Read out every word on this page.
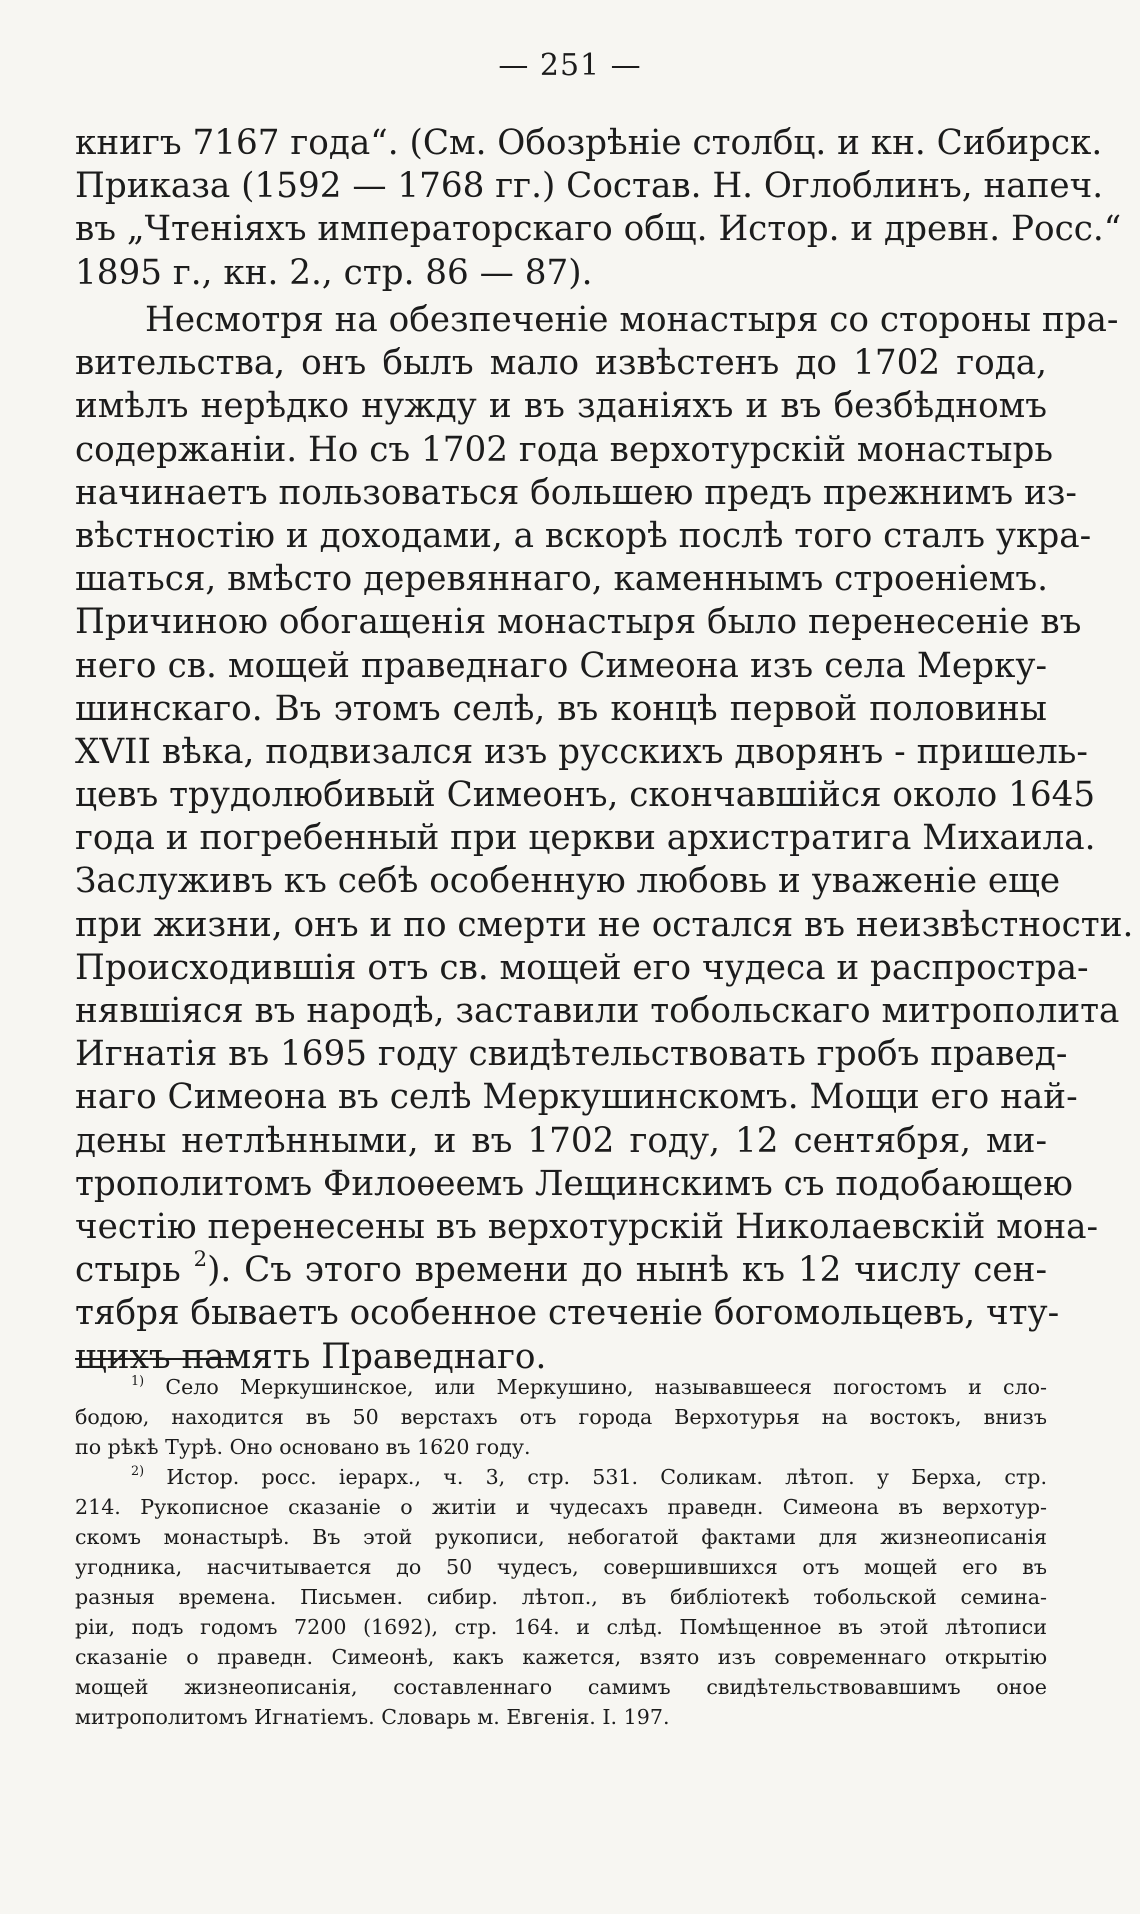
— 251 —
книгъ 7167 года“. (См. Обозрѣніе столбц. и кн. Сибирск.
Приказа (1592 — 1768 гг.) Состав. Н. Оглоблинъ, напеч.
въ „Чтеніяхъ императорскаго общ. Истор. и древн. Росс.“
1895 г., кн. 2., стр. 86 — 87).
Несмотря на обезпеченіе монастыря со стороны пра-
вительства, онъ былъ мало извѣстенъ до 1702 года,
имѣлъ нерѣдко нужду и въ зданіяхъ и въ безбѣдномъ
содержаніи. Но съ 1702 года верхотурскій монастырь
начинаетъ пользоваться большею предъ прежнимъ из-
вѣстностію и доходами, а вскорѣ послѣ того сталъ укра-
шаться, вмѣсто деревяннаго, каменнымъ строеніемъ.
Причиною обогащенія монастыря было перенесеніе въ
него св. мощей праведнаго Симеона изъ села Мерку-
шинскаго. Въ этомъ селѣ, въ концѣ первой половины
XVII вѣка, подвизался изъ русскихъ дворянъ - пришель-
цевъ трудолюбивый Симеонъ, скончавшійся около 1645
года и погребенный при церкви архистратига Михаила.
Заслуживъ къ себѣ особенную любовь и уваженіе еще
при жизни, онъ и по смерти не остался въ неизвѣстности.
Происходившія отъ св. мощей его чудеса и распростра-
нявшіяся въ народѣ, заставили тобольскаго митрополита
Игнатія въ 1695 году свидѣтельствовать гробъ правед-
наго Симеона въ селѣ Меркушинскомъ. Мощи его най-
дены нетлѣнными, и въ 1702 году, 12 сентября, ми-
трополитомъ Филоѳеемъ Лещинскимъ съ подобающею
честію перенесены въ верхотурскій Николаевскій мона-
стырь $^2$). Съ этого времени до нынѣ къ 12 числу сен-
тября бываетъ особенное стеченіе богомольцевъ, чту-
щихъ память Праведнаго.
$^{1)}$ Село Меркушинское, или Меркушино, называвшееся погостомъ и сло-
бодою, находится въ 50 верстахъ отъ города Верхотурья на востокъ, внизъ
по рѣкѣ Турѣ. Оно основано въ 1620 году.
$^{2)}$ Истор. росс. іерарх., ч. 3, стр. 531. Соликам. лѣтоп. у Берха, стр.
214. Рукописное сказаніе о житіи и чудесахъ праведн. Симеона въ верхотур-
скомъ монастырѣ. Въ этой рукописи, небогатой фактами для жизнеописанія
угодника, насчитывается до 50 чудесъ, совершившихся отъ мощей его въ
разныя времена. Письмен. сибир. лѣтоп., въ библіотекѣ тобольской семина-
ріи, подъ годомъ 7200 (1692), стр. 164. и слѣд. Помѣщенное въ этой лѣтописи
сказаніе о праведн. Симеонѣ, какъ кажется, взято изъ современнаго открытію
мощей жизнеописанія, составленнаго самимъ свидѣтельствовавшимъ оное
митрополитомъ Игнатіемъ. Словарь м. Евгенія. I. 197.
